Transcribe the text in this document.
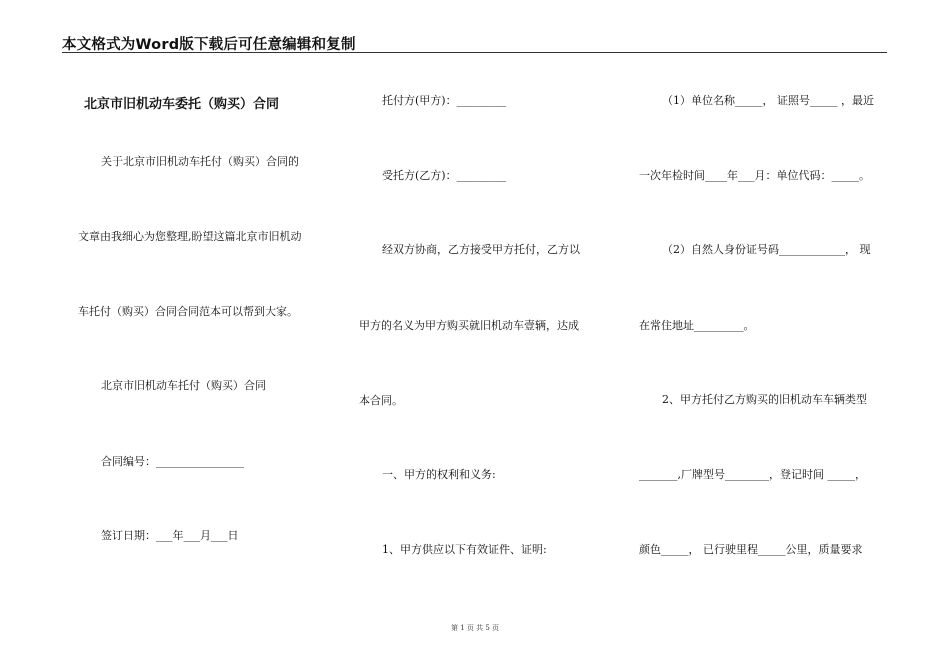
本文格式为Word版下载后可任意编辑和复制
北京市旧机动车委托（购买）合同
关于北京市旧机动车托付（购买）合同的
文章由我细心为您整理,盼望这篇北京市旧机动
车托付（购买）合同合同范本可以帮到大家。
北京市旧机动车托付（购买）合同
合同编号：________________
签订日期：___年___月___日
托付方(甲方)：_________
受托方(乙方)：_________
经双方协商，乙方接受甲方托付，乙方以
甲方的名义为甲方购买就旧机动车壹辆，达成
本合同。
一、甲方的权利和义务:
1、甲方供应以下有效证件、证明:
（1）单位名称_____， 证照号_____ ，最近
一次年检时间____年___月：单位代码：_____。
（2）自然人身份证号码____________， 现
在常住地址_________。
2、甲方托付乙方购买的旧机动车车辆类型
_______,厂牌型号________，登记时间 _____，
颜色_____， 已行驶里程_____公里，质量要求
第 1 页 共 5 页
